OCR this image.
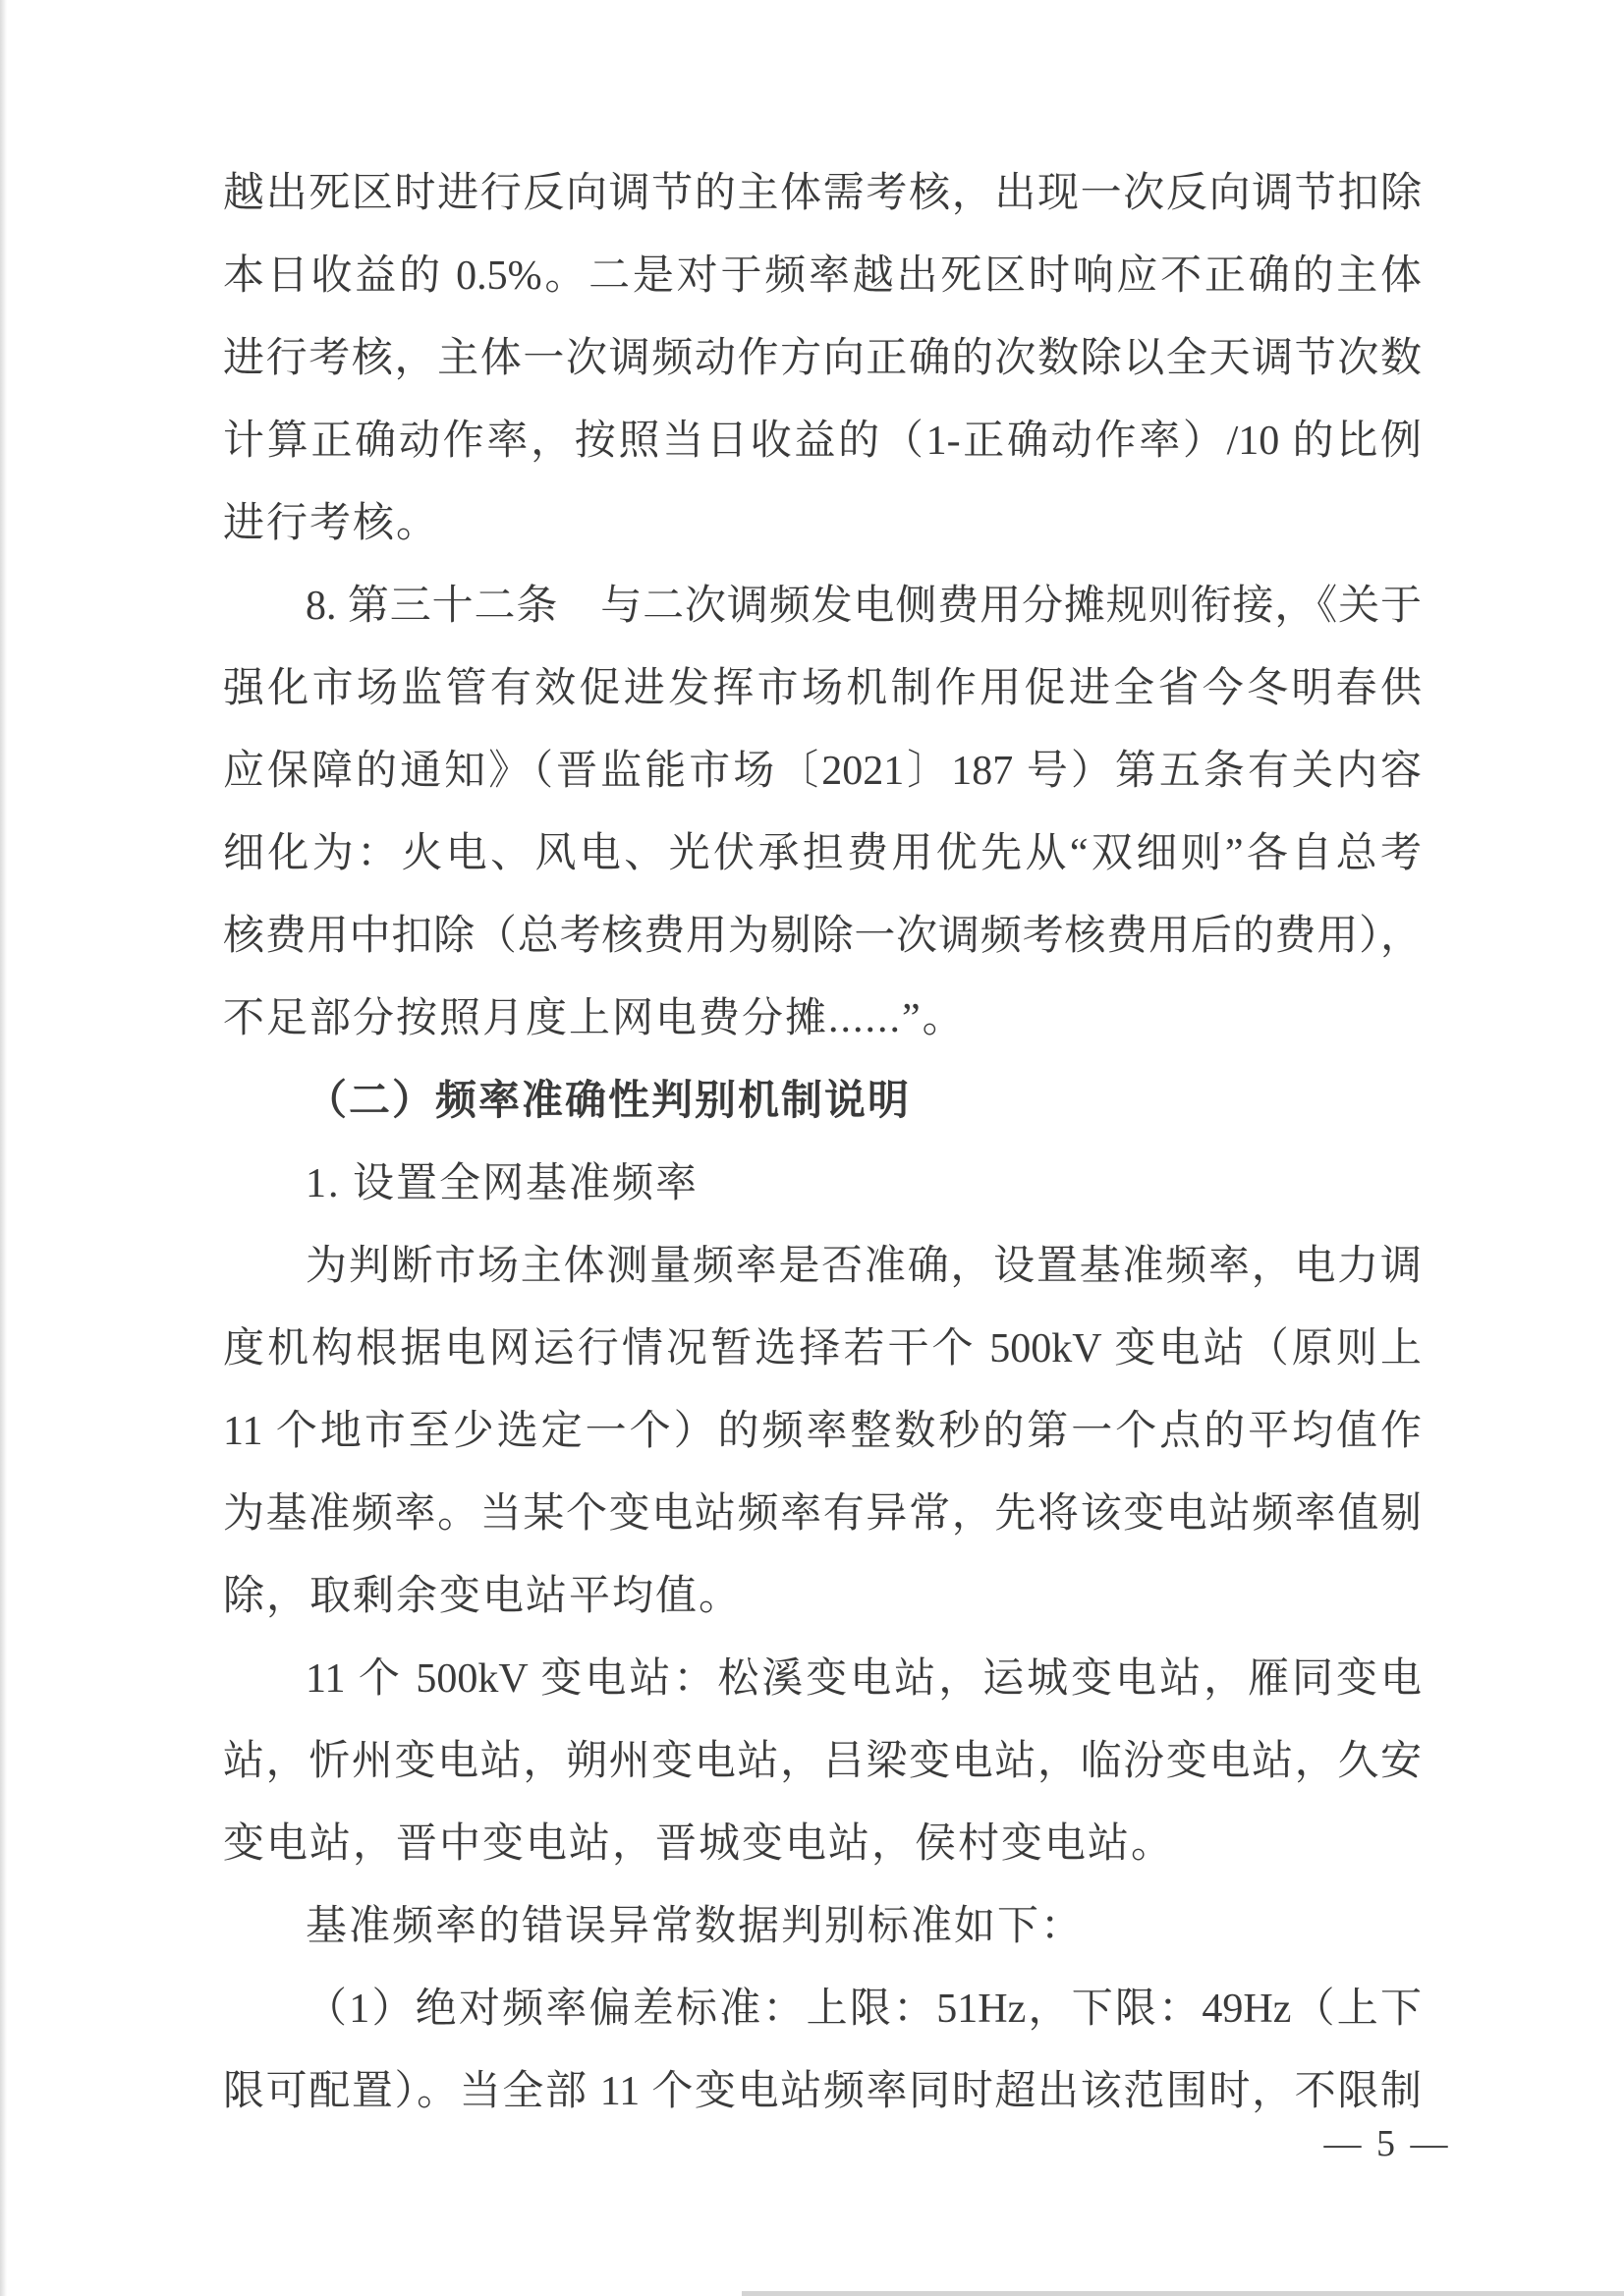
越出死区时进行反向调节的主体需考核，出现一次反向调节扣除
本日收益的 0.5%。二是对于频率越出死区时响应不正确的主体
进行考核，主体一次调频动作方向正确的次数除以全天调节次数
计算正确动作率，按照当日收益的（1-正确动作率）/10 的比例
进行考核。
8. 第三十二条　与二次调频发电侧费用分摊规则衔接，《关于
强化市场监管有效促进发挥市场机制作用促进全省今冬明春供
应保障的通知》（晋监能市场〔2021〕187 号）第五条有关内容
细化为：火电、风电、光伏承担费用优先从“双细则”各自总考
核费用中扣除（总考核费用为剔除一次调频考核费用后的费用），
不足部分按照月度上网电费分摊......”。
（二）频率准确性判别机制说明
1. 设置全网基准频率
为判断市场主体测量频率是否准确，设置基准频率，电力调
度机构根据电网运行情况暂选择若干个 500kV 变电站（原则上
11 个地市至少选定一个）的频率整数秒的第一个点的平均值作
为基准频率。当某个变电站频率有异常，先将该变电站频率值剔
除，取剩余变电站平均值。
11 个 500kV 变电站：松溪变电站，运城变电站，雁同变电
站，忻州变电站，朔州变电站，吕梁变电站，临汾变电站，久安
变电站，晋中变电站，晋城变电站，侯村变电站。
基准频率的错误异常数据判别标准如下：
（1）绝对频率偏差标准：上限：51Hz，下限：49Hz（上下
限可配置）。当全部 11 个变电站频率同时超出该范围时，不限制
— 5 —
